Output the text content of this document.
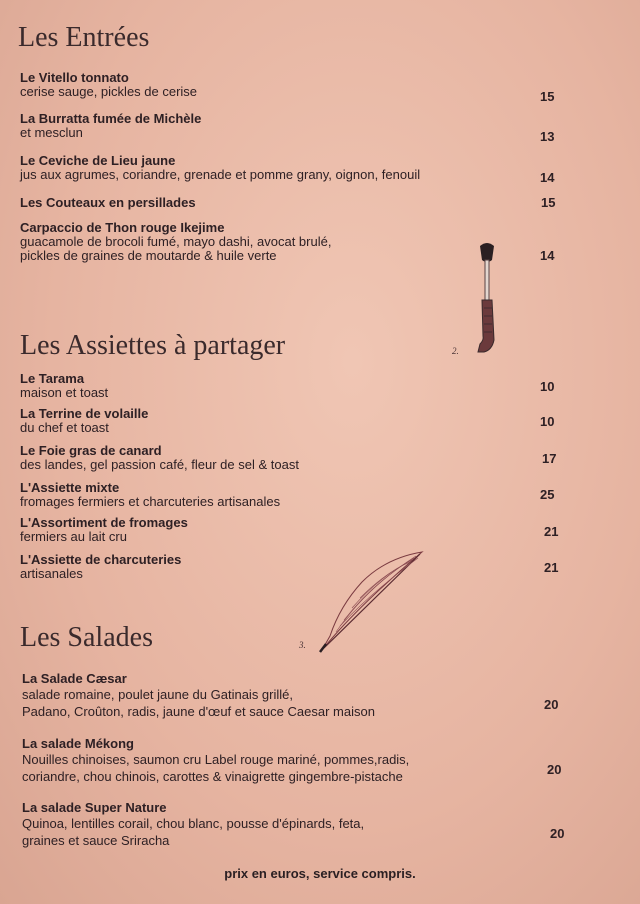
Les Entrées
Le Vitello tonnato
cerise sauge, pickles de cerise	15
La Burratta fumée de Michèle
et mesclun	13
Le Ceviche de Lieu jaune
jus aux agrumes, coriandre, grenade et pomme grany, oignon, fenouil	14
Les Couteaux en persillades	15
Carpaccio de Thon rouge Ikejime
guacamole de brocoli fumé, mayo dashi, avocat brulé,
pickles de graines de moutarde & huile verte	14
2.
Les Assiettes à partager
Le Tarama
maison et toast	10
La Terrine de volaille
du chef et toast	10
Le Foie gras de canard
des landes, gel passion café, fleur de sel & toast	17
L'Assiette mixte
fromages fermiers et charcuteries artisanales	25
L'Assortiment de fromages
fermiers au lait cru	21
L'Assiette de charcuteries
artisanales	21
3.
Les Salades
La Salade Cæsar
salade romaine, poulet jaune du Gatinais grillé,
Padano, Croûton, radis, jaune d'œuf et sauce Caesar maison	20
La salade Mékong
Nouilles chinoises, saumon cru Label rouge mariné, pommes,radis,
coriandre, chou chinois, carottes & vinaigrette gingembre-pistache	20
La salade Super Nature
Quinoa, lentilles corail, chou blanc, pousse d'épinards, feta,
graines et sauce Sriracha	20
prix en euros, service compris.
